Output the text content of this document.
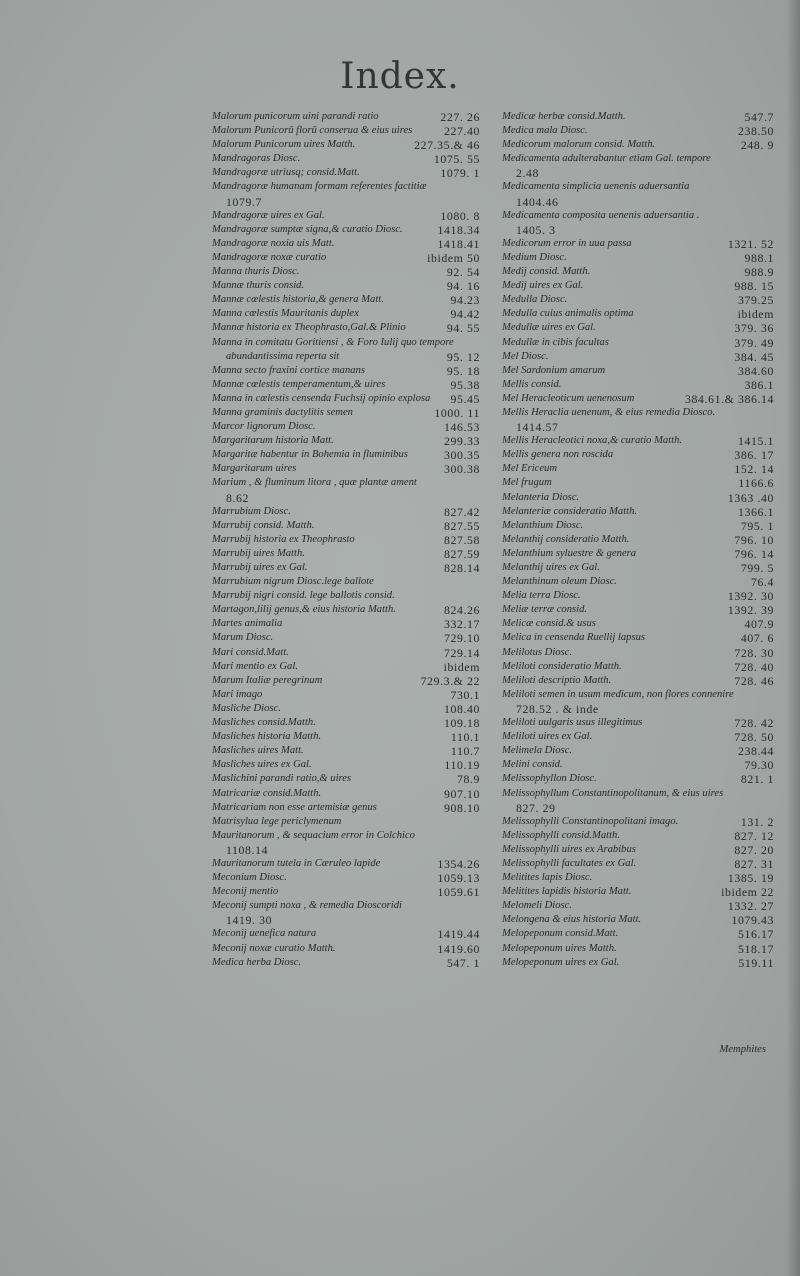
Index.
Malorum punicorum uini parandi ratio	227. 26
Malorum Punicorū florū conserua & eius uires	227.40
Malorum Punicorum uires Matth.	227.35.& 46
Mandragoras Diosc.	1075. 55
Mandragoræ utriusq; consid.Matt.	1079. 1
Mandragoræ humanam formam referentes factitiæ
1079.7
Mandragoræ uires ex Gal.	1080. 8
Mandragoræ sumptæ signa,& curatio Diosc.	1418.34
Mandragoræ noxia uis Matt.	1418.41
Mandragoræ noxæ curatio	ibidem 50
Manna thuris Diosc.	92. 54
Mannæ thuris consid.	94. 16
Mannæ cœlestis historia,& genera Matt.	94.23
Manna cœlestis Mauritanis duplex	94.42
Mannæ historia ex Theophrasto,Gal.& Plinio	94. 55
Manna in comitatu Goritiensi , & Foro Iulij quo tempore
abundantissima reperta sit	95. 12
Manna secto fraxini cortice manans	95. 18
Mannæ cœlestis temperamentum,& uires	95.38
Manna in cœlestis censenda Fuchsij opinio explosa 95.45
Manna graminis dactylitis semen	1000. 11
Marcor lignorum Diosc.	146.53
Margaritarum historia Matt.	299.33
Margaritæ habentur in Bohemia in fluminibus	300.35
Margaritarum uires	300.38
Marium , & fluminum litora , quæ plantæ ament
8.62
Marrubium Diosc.	827.42
Marrubij consid. Matth.	827.55
Marrubij historia ex Theophrasto	827.58
Marrubij uires Matth.	827.59
Marrubij uires ex Gal.	828.14
Marrubium nigrum Diosc.lege ballote
Marrubij nigri consid. lege ballotis consid.
Martagon,lilij genus,& eius historia Matth.	824.26
Martes animalia	332.17
Marum Diosc.	729.10
Mari consid.Matt.	729.14
Mari mentio ex Gal.	ibidem
Marum Italiæ peregrinum	729.3.& 22
Mari imago	730.1
Masliche Diosc.	108.40
Masliches consid.Matth.	109.18
Masliches historia Matth.	110.1
Masliches uires Matt.	110.7
Masliches uires ex Gal.	110.19
Maslichini parandi ratio,& uires	78.9
Matricariæ consid.Matth.	907.10
Matricariam non esse artemisiæ genus	908.10
Matrisylua lege periclymenum
Mauritanorum , & sequacium error in Colchico
1108.14
Mauritanorum tutela in Cæruleo lapide	1354.26
Meconium Diosc.	1059.13
Meconij mentio	1059.61
Meconij sumpti noxa , & remedia Dioscoridi
1419. 30
Meconij uenefica natura	1419.44
Meconij noxæ curatio Matth.	1419.60
Medica herba Diosc.	547. 1
Medicæ herbæ consid.Matth.	547.7
Medica mala Diosc.	238.50
Medicorum malorum consid. Matth.	248. 9
Medicamenta adulterabantur etiam Gal. tempore
2.48
Medicamenta simplicia uenenis aduersantia
1404.46
Medicamenta composita uenenis aduersantia .
1405. 3
Medicorum error in uua passa	1321. 52
Medium Diosc.	988.1
Medij consid. Matth.	988.9
Medij uires ex Gal.	988. 15
Medulla Diosc.	379.25
Medulla cuius animalis optima	ibidem
Medullæ uires ex Gal.	379. 36
Medullæ in cibis facultas	379. 49
Mel Diosc.	384. 45
Mel Sardonium amarum	384.60
Mellis consid.	386.1
Mel Heracleoticum uenenosum	384.61.& 386.14
Mellis Heraclia uenenum, & eius remedia Diosco.
1414.57
Mellis Heracleotici noxa,& curatio Matth.	1415.1
Mellis genera non roscida	386. 17
Mel Ericeum	152. 14
Mel frugum	1166.6
Melanteria Diosc.	1363 .40
Melanteriæ consideratio Matth.	1366.1
Melanthium Diosc.	795. 1
Melanthij consideratio Matth.	796. 10
Melanthium syluestre & genera	796. 14
Melanthij uires ex Gal.	799. 5
Melanthinum oleum Diosc.	76.4
Melia terra Diosc.	1392. 30
Meliæ terræ consid.	1392. 39
Melicæ consid.& usus	407.9
Melica in censenda Ruellij lapsus	407. 6
Melilotus Diosc.	728. 30
Meliloti consideratio Matth.	728. 40
Meliloti descriptio Matth.	728. 46
Meliloti semen in usum medicum, non flores connenire
728.52 . & inde
Meliloti uulgaris usus illegitimus	728. 42
Meliloti uires ex Gal.	728. 50
Melimela Diosc.	238.44
Melini consid.	79.30
Melissophyllon Diosc.	821. 1
Melissophyllum Constantinopolitanum, & eius uires
827. 29
Melissophylli Constantinopolitani imago.	131. 2
Melissophylli consid.Matth.	827. 12
Melissophylli uires ex Arabibus	827. 20
Melissophylli facultates ex Gal.	827. 31
Melitites lapis Diosc.	1385. 19
Melitites lapidis historia Matt.	ibidem 22
Melomeli Diosc.	1332. 27
Melongena & eius historia Matt.	1079.43
Melopeponum consid.Matt.	516.17
Melopeponum uires Matth.	518.17
Melopeponum uires ex Gal.	519.11
Memphites
